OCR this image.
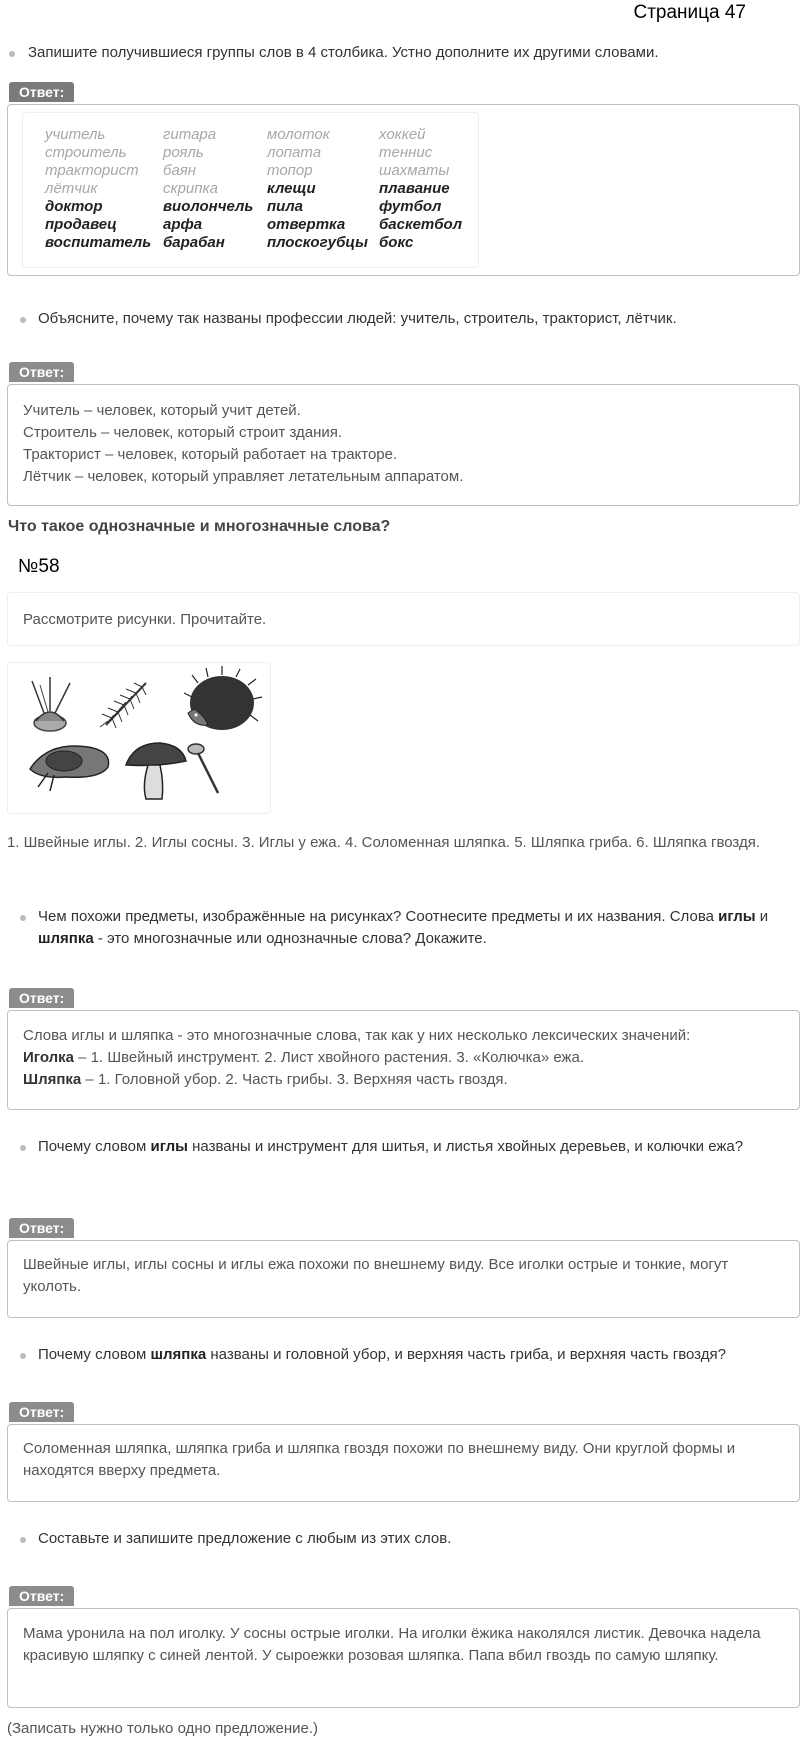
Страница 47
Запишите получившиеся группы слов в 4 столбика. Устно дополните их другими словами.
Ответ:
учитель
строитель
тракторист
лётчик
доктор
продавец
воспитатель
гитара
рояль
баян
скрипка
виолончель
арфа
барабан
молоток
лопата
топор
клещи
пила
отвертка
плоскогубцы
хоккей
теннис
шахматы
плавание
футбол
баскетбол
бокс
Объясните, почему так названы профессии людей: учитель, строитель, тракторист, лётчик.
Ответ:

Учитель – человек, который учит детей.

Строитель – человек, который строит здания.

Тракторист – человек, который работает на тракторе.

Лётчик – человек, который управляет летательным аппаратом.

Что такое однозначные и многозначные слова?
№58
Рассмотрите рисунки. Прочитайте.
1. Швейные иглы. 2. Иглы сосны. 3. Иглы у ежа. 4. Соломенная шляпка. 5. Шляпка гриба. 6. Шляпка гвоздя.
Чем похожи предметы, изображённые на рисунках? Соотнесите предметы и их названия. Слова иглы и шляпка - это многозначные или однозначные слова? Докажите.
Ответ:

Слова иглы и шляпка - это многозначные слова, так как у них несколько лексических значений:

Иголка – 1. Швейный инструмент. 2. Лист хвойного растения. 3. «Колючка» ежа.

Шляпка – 1. Головной убор. 2. Часть грибы. 3. Верхняя часть гвоздя.

Почему словом иглы названы и инструмент для шитья, и листья хвойных деревьев, и колючки ежа?
Ответ:

Швейные иглы, иглы сосны и иглы ежа похожи по внешнему виду. Все иголки острые и тонкие, могут уколоть.

Почему словом шляпка названы и головной убор, и верхняя часть гриба, и верхняя часть гвоздя?
Ответ:

Соломенная шляпка, шляпка гриба и шляпка гвоздя похожи по внешнему виду. Они круглой формы и находятся вверху предмета.

Составьте и запишите предложение с любым из этих слов.
Ответ:

Мама уронила на пол иголку. У сосны острые иголки. На иголки ёжика наколялся листик. Девочка надела красивую шляпку с синей лентой. У сыроежки розовая шляпка. Папа вбил гвоздь по самую шляпку.

(Записать нужно только одно предложение.)
